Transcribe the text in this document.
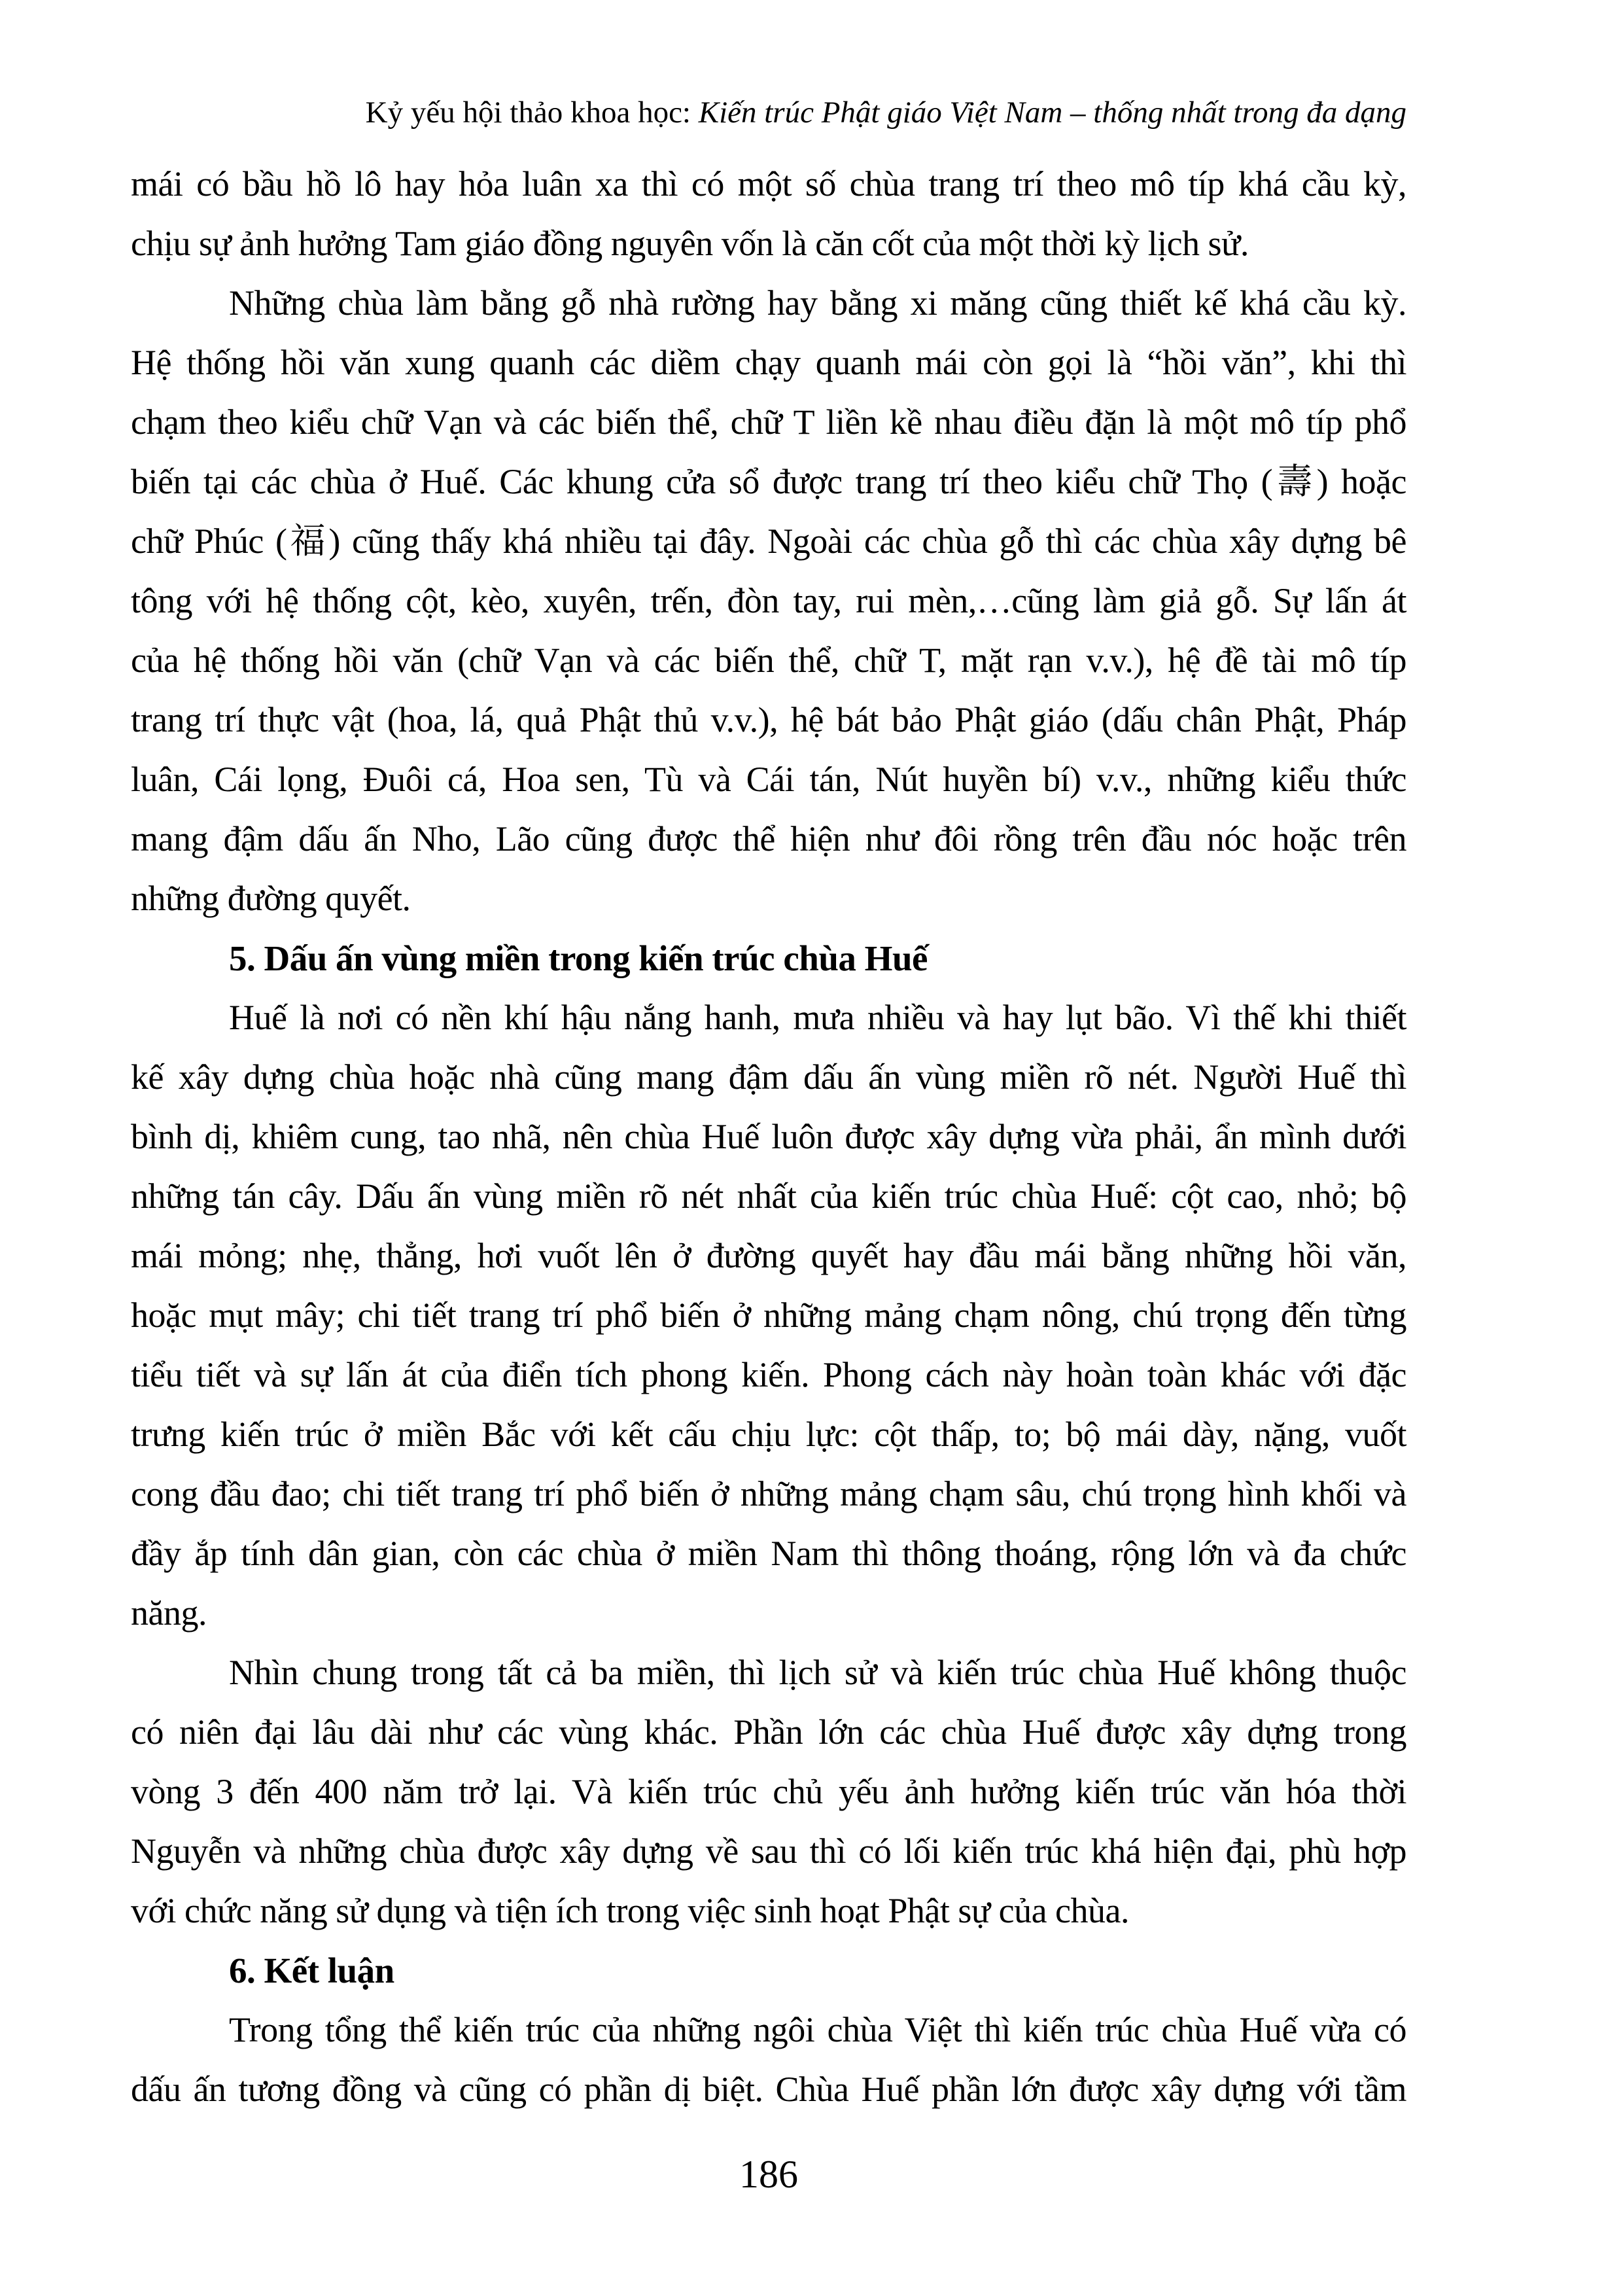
Kỷ yếu hội thảo khoa học: Kiến trúc Phật giáo Việt Nam – thống nhất trong đa dạng
mái có bầu hồ lô hay hỏa luân xa thì có một số chùa trang trí theo mô típ khá cầu kỳ,
chịu sự ảnh hưởng Tam giáo đồng nguyên vốn là căn cốt của một thời kỳ lịch sử.
Những chùa làm bằng gỗ nhà rường hay bằng xi măng cũng thiết kế khá cầu kỳ.
Hệ thống hồi văn xung quanh các diềm chạy quanh mái còn gọi là “hồi văn”, khi thì
chạm theo kiểu chữ Vạn và các biến thể, chữ T liền kề nhau điều đặn là một mô típ phổ
biến tại các chùa ở Huế. Các khung cửa sổ được trang trí theo kiểu chữ Thọ (壽) hoặc
chữ Phúc (福) cũng thấy khá nhiều tại đây. Ngoài các chùa gỗ thì các chùa xây dựng bê
tông với hệ thống cột, kèo, xuyên, trến, đòn tay, rui mèn,…cũng làm giả gỗ. Sự lấn át
của hệ thống hồi văn (chữ Vạn và các biến thể, chữ T, mặt rạn v.v.), hệ đề tài mô típ
trang trí thực vật (hoa, lá, quả Phật thủ v.v.), hệ bát bảo Phật giáo (dấu chân Phật, Pháp
luân, Cái lọng, Đuôi cá, Hoa sen, Tù và Cái tán, Nút huyền bí) v.v., những kiểu thức
mang đậm dấu ấn Nho, Lão cũng được thể hiện như đôi rồng trên đầu nóc hoặc trên
những đường quyết.
5. Dấu ấn vùng miền trong kiến trúc chùa Huế
Huế là nơi có nền khí hậu nắng hanh, mưa nhiều và hay lụt bão. Vì thế khi thiết
kế xây dựng chùa hoặc nhà cũng mang đậm dấu ấn vùng miền rõ nét. Người Huế thì
bình dị, khiêm cung, tao nhã, nên chùa Huế luôn được xây dựng vừa phải, ẩn mình dưới
những tán cây. Dấu ấn vùng miền rõ nét nhất của kiến trúc chùa Huế: cột cao, nhỏ; bộ
mái mỏng; nhẹ, thẳng, hơi vuốt lên ở đường quyết hay đầu mái bằng những hồi văn,
hoặc mụt mây; chi tiết trang trí phổ biến ở những mảng chạm nông, chú trọng đến từng
tiểu tiết và sự lấn át của điển tích phong kiến. Phong cách này hoàn toàn khác với đặc
trưng kiến trúc ở miền Bắc với kết cấu chịu lực: cột thấp, to; bộ mái dày, nặng, vuốt
cong đầu đao; chi tiết trang trí phổ biến ở những mảng chạm sâu, chú trọng hình khối và
đầy ắp tính dân gian, còn các chùa ở miền Nam thì thông thoáng, rộng lớn và đa chức
năng.
Nhìn chung trong tất cả ba miền, thì lịch sử và kiến trúc chùa Huế không thuộc
có niên đại lâu dài như các vùng khác. Phần lớn các chùa Huế được xây dựng trong
vòng 3 đến 400 năm trở lại. Và kiến trúc chủ yếu ảnh hưởng kiến trúc văn hóa thời
Nguyễn và những chùa được xây dựng về sau thì có lối kiến trúc khá hiện đại, phù hợp
với chức năng sử dụng và tiện ích trong việc sinh hoạt Phật sự của chùa.
6. Kết luận
Trong tổng thể kiến trúc của những ngôi chùa Việt thì kiến trúc chùa Huế vừa có
dấu ấn tương đồng và cũng có phần dị biệt. Chùa Huế phần lớn được xây dựng với tầm
186
